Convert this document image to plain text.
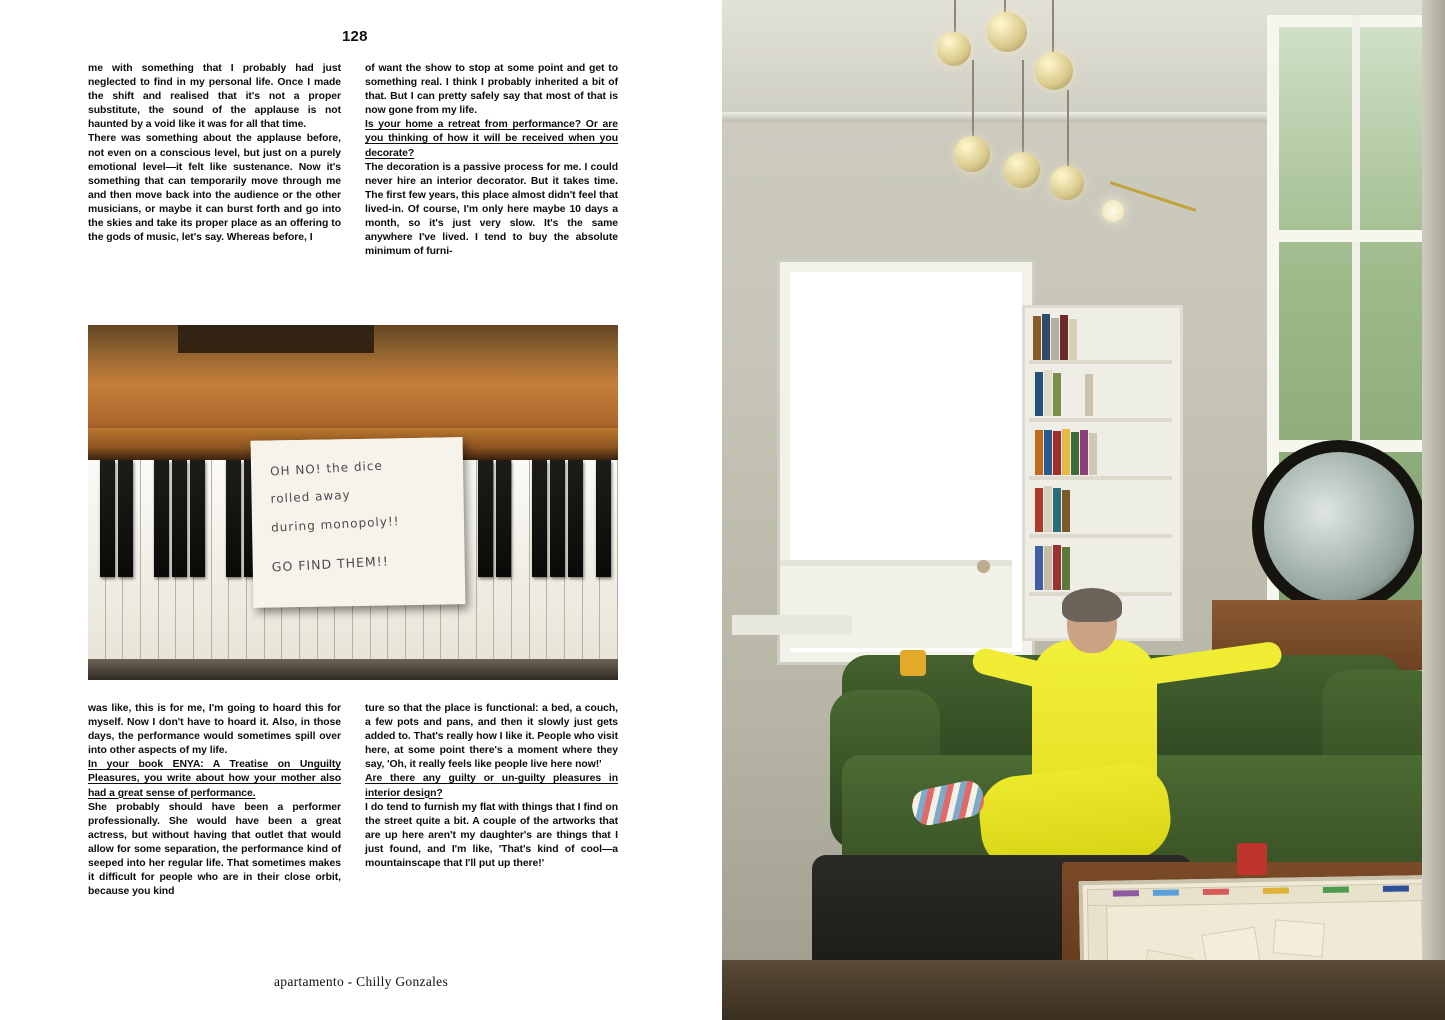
128

me with something that I probably had just neglected to find in my personal life. Once I made the shift and realised that it's not a proper substitute, the sound of the applause is not haunted by a void like it was for all that time.

There was something about the applause before, not even on a conscious level, but just on a purely emotional level—it felt like sustenance. Now it's something that can temporarily move through me and then move back into the audience or the other musicians, or maybe it can burst forth and go into the skies and take its proper place as an offering to the gods of music, let's say. Whereas before, I

of want the show to stop at some point and get to something real. I think I probably inherited a bit of that. But I can pretty safely say that most of that is now gone from my life.

Is your home a retreat from performance? Or are you thinking of how it will be received when you decorate?

The decoration is a passive process for me. I could never hire an interior decorator. But it takes time. The first few years, this place almost didn't feel that lived-in. Of course, I'm only here maybe 10 days a month, so it's just very slow. It's the same anywhere I've lived. I tend to buy the absolute minimum of furni-

OH NO! the dice
rolled away
during monopoly!!
GO FIND THEM!!

was like, this is for me, I'm going to hoard this for myself. Now I don't have to hoard it. Also, in those days, the performance would sometimes spill over into other aspects of my life.

In your book ENYA: A Treatise on Unguilty Pleasures, you write about how your mother also had a great sense of performance.

She probably should have been a performer professionally. She would have been a great actress, but without having that outlet that would allow for some separation, the performance kind of seeped into her regular life. That sometimes makes it difficult for people who are in their close orbit, because you kind

ture so that the place is functional: a bed, a couch, a few pots and pans, and then it slowly just gets added to. That's really how I like it. People who visit here, at some point there's a moment where they say, 'Oh, it really feels like people live here now!'

Are there any guilty or un-guilty pleasures in interior design?

I do tend to furnish my flat with things that I find on the street quite a bit. A couple of the artworks that are up here aren't my daughter's are things that I just found, and I'm like, 'That's kind of cool—a mountainscape that I'll put up there!'

apartamento - Chilly Gonzales
